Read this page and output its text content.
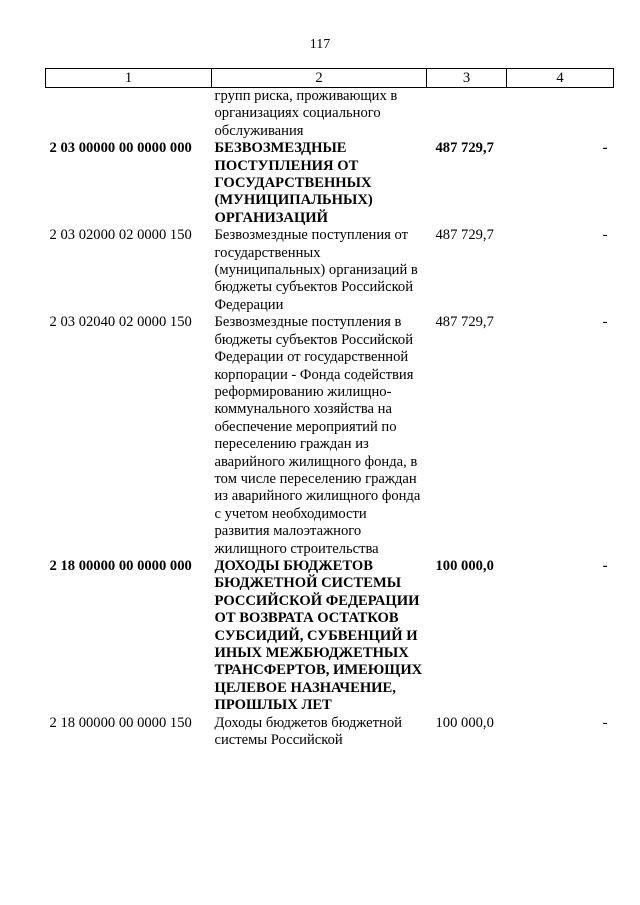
117
1	2	3	4
	групп риска, проживающих в организациях социального обслуживания		
2 03 00000 00 0000 000	БЕЗВОЗМЕЗДНЫЕ ПОСТУПЛЕНИЯ ОТ ГОСУДАРСТВЕННЫХ (МУНИЦИПАЛЬНЫХ) ОРГАНИЗАЦИЙ	487 729,7	-
2 03 02000 02 0000 150	Безвозмездные поступления от государственных (муниципальных) организаций в бюджеты субъектов Российской Федерации	487 729,7	-
2 03 02040 02 0000 150	Безвозмездные поступления в бюджеты субъектов Российской Федерации от государственной корпорации - Фонда содействия реформированию жилищно-коммунального хозяйства на обеспечение мероприятий по переселению граждан из аварийного жилищного фонда, в том числе переселению граждан из аварийного жилищного фонда с учетом необходимости развития малоэтажного жилищного строительства	487 729,7	-
2 18 00000 00 0000 000	ДОХОДЫ БЮДЖЕТОВ БЮДЖЕТНОЙ СИСТЕМЫ РОССИЙСКОЙ ФЕДЕРАЦИИ ОТ ВОЗВРАТА ОСТАТКОВ СУБСИДИЙ, СУБВЕНЦИЙ И ИНЫХ МЕЖБЮДЖЕТНЫХ ТРАНСФЕРТОВ, ИМЕЮЩИХ ЦЕЛЕВОЕ НАЗНАЧЕНИЕ, ПРОШЛЫХ ЛЕТ	100 000,0	-
2 18 00000 00 0000 150	Доходы бюджетов бюджетной системы Российской	100 000,0	-
